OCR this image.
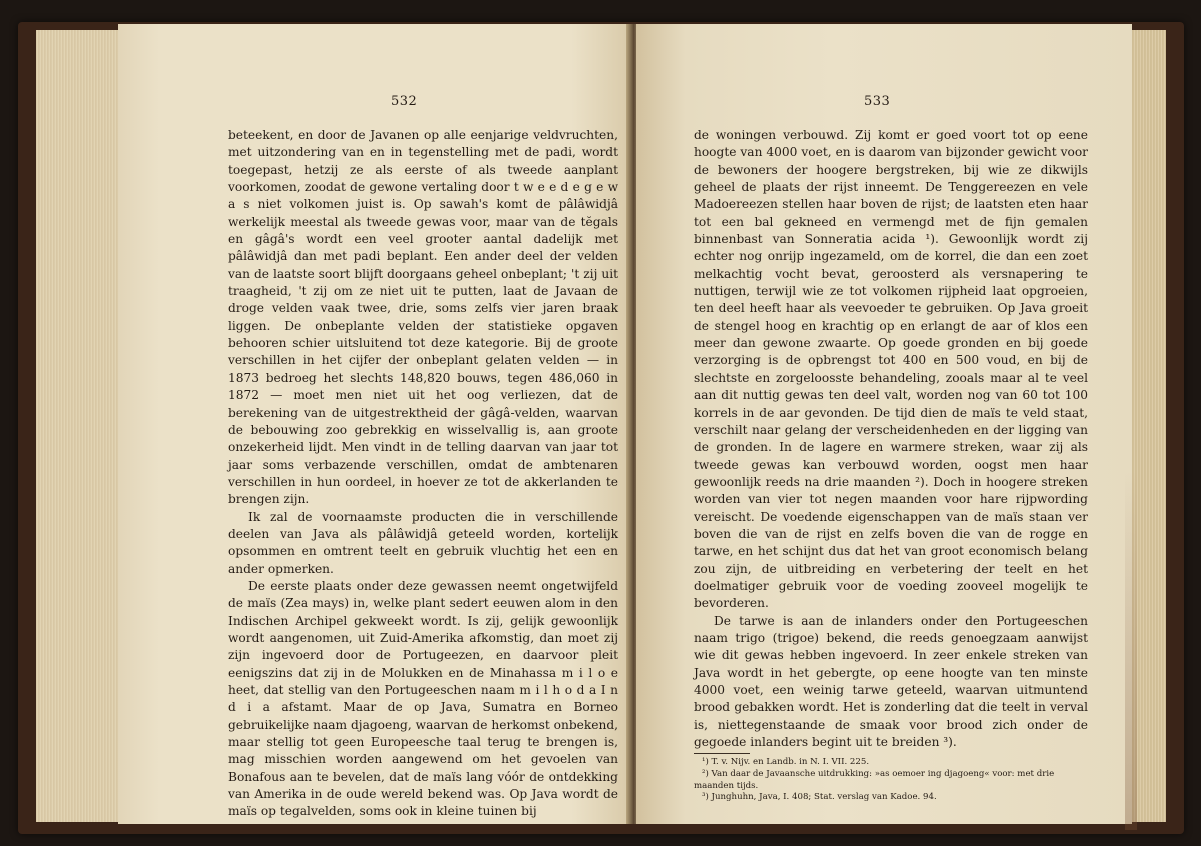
532

beteekent, en door de Javanen op alle eenjarige veldvruchten, met uitzondering van en in tegenstelling met de padi, wordt toegepast, hetzij ze als eerste of als tweede aanplant voorkomen, zoodat de gewone vertaling door t w e e d e g e w a s niet volkomen juist is. Op sawah's komt de pâlâwidjâ werkelijk meestal als tweede gewas voor, maar van de tĕgals en gâgâ's wordt een veel grooter aantal dadelijk met pâlâwidjâ dan met padi beplant. Een ander deel der velden van de laatste soort blijft doorgaans geheel onbeplant; 't zij uit traagheid, 't zij om ze niet uit te putten, laat de Javaan de droge velden vaak twee, drie, soms zelfs vier jaren braak liggen. De onbeplante velden der statistieke opgaven behooren schier uitsluitend tot deze kategorie. Bij de groote verschillen in het cijfer der onbeplant gelaten velden — in 1873 bedroeg het slechts 148,820 bouws, tegen 486,060 in 1872 — moet men niet uit het oog verliezen, dat de berekening van de uitgestrektheid der gâgâ-velden, waarvan de bebouwing zoo gebrekkig en wisselvallig is, aan groote onzekerheid lijdt. Men vindt in de telling daarvan van jaar tot jaar soms verbazende verschillen, omdat de ambtenaren verschillen in hun oordeel, in hoever ze tot de akkerlanden te brengen zijn.

Ik zal de voornaamste producten die in verschillende deelen van Java als pâlâwidjâ geteeld worden, kortelijk opsommen en omtrent teelt en gebruik vluchtig het een en ander opmerken.

De eerste plaats onder deze gewassen neemt ongetwijfeld de maïs (Zea mays) in, welke plant sedert eeuwen alom in den Indischen Archipel gekweekt wordt. Is zij, gelijk gewoonlijk wordt aangenomen, uit Zuid-Amerika afkomstig, dan moet zij zijn ingevoerd door de Portugeezen, en daarvoor pleit eenigszins dat zij in de Molukken en de Minahassa m i l o e heet, dat stellig van den Portugeeschen naam m i l h o d a I n d i a afstamt. Maar de op Java, Sumatra en Borneo gebruikelijke naam djagoeng, waarvan de herkomst onbekend, maar stellig tot geen Europeesche taal terug te brengen is, mag misschien worden aangewend om het gevoelen van Bonafous aan te bevelen, dat de maïs lang vóór de ontdekking van Amerika in de oude wereld bekend was. Op Java wordt de maïs op tegalvelden, soms ook in kleine tuinen bij

533

de woningen verbouwd. Zij komt er goed voort tot op eene hoogte van 4000 voet, en is daarom van bijzonder gewicht voor de bewoners der hoogere bergstreken, bij wie ze dikwijls geheel de plaats der rijst inneemt. De Tenggereezen en vele Madoereezen stellen haar boven de rijst; de laatsten eten haar tot een bal gekneed en vermengd met de fijn gemalen binnenbast van Sonneratia acida ¹). Gewoonlijk wordt zij echter nog onrijp ingezameld, om de korrel, die dan een zoet melkachtig vocht bevat, geroosterd als versnapering te nuttigen, terwijl wie ze tot volkomen rijpheid laat opgroeien, ten deel heeft haar als veevoeder te gebruiken. Op Java groeit de stengel hoog en krachtig op en erlangt de aar of klos een meer dan gewone zwaarte. Op goede gronden en bij goede verzorging is de opbrengst tot 400 en 500 voud, en bij de slechtste en zorgeloosste behandeling, zooals maar al te veel aan dit nuttig gewas ten deel valt, worden nog van 60 tot 100 korrels in de aar gevonden. De tijd dien de maïs te veld staat, verschilt naar gelang der verscheidenheden en der ligging van de gronden. In de lagere en warmere streken, waar zij als tweede gewas kan verbouwd worden, oogst men haar gewoonlijk reeds na drie maanden ²). Doch in hoogere streken worden van vier tot negen maanden voor hare rijpwording vereischt. De voedende eigenschappen van de maïs staan ver boven die van de rijst en zelfs boven die van de rogge en tarwe, en het schijnt dus dat het van groot economisch belang zou zijn, de uitbreiding en verbetering der teelt en het doelmatiger gebruik voor de voeding zooveel mogelijk te bevorderen.

De tarwe is aan de inlanders onder den Portugeeschen naam trigo (trigoe) bekend, die reeds genoegzaam aanwijst wie dit gewas hebben ingevoerd. In zeer enkele streken van Java wordt in het gebergte, op eene hoogte van ten minste 4000 voet, een weinig tarwe geteeld, waarvan uitmuntend brood gebakken wordt. Het is zonderling dat die teelt in verval is, niettegenstaande de smaak voor brood zich onder de gegoede inlanders begint uit te breiden ³).

¹) T. v. Nijv. en Landb. in N. I. VII. 225.
²) Van daar de Javaansche uitdrukking: »as oemoer ing djagoeng« voor: met drie maanden tijds.
³) Junghuhn, Java, I. 408; Stat. verslag van Kadoe. 94.
